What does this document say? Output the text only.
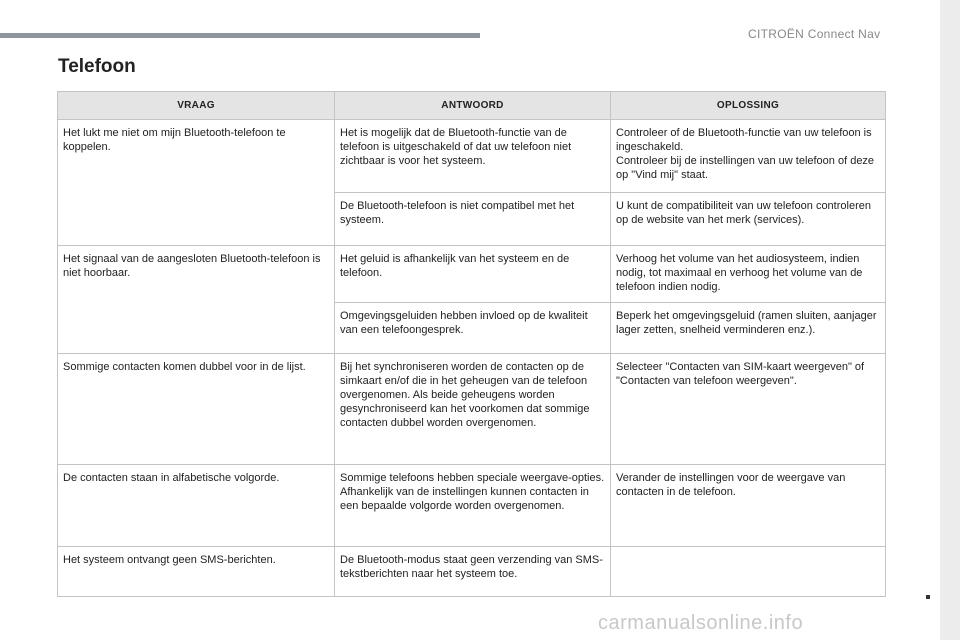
CITROËN Connect Nav
41
Telefoon
VRAAG	ANTWOORD	OPLOSSING
Het lukt me niet om mijn Bluetooth-telefoon te koppelen.	Het is mogelijk dat de Bluetooth-functie van de telefoon is uitgeschakeld of dat uw telefoon niet zichtbaar is voor het systeem.	Controleer of de Bluetooth-functie van uw telefoon is ingeschakeld.
Controleer bij de instellingen van uw telefoon of deze op "Vind mij" staat.
	De Bluetooth-telefoon is niet compatibel met het systeem.	U kunt de compatibiliteit van uw telefoon controleren op de website van het merk (services).
Het signaal van de aangesloten Bluetooth-telefoon is niet hoorbaar.	Het geluid is afhankelijk van het systeem en de telefoon.	Verhoog het volume van het audiosysteem, indien nodig, tot maximaal en verhoog het volume van de telefoon indien nodig.
	Omgevingsgeluiden hebben invloed op de kwaliteit van een telefoongesprek.	Beperk het omgevingsgeluid (ramen sluiten, aanjager lager zetten, snelheid verminderen enz.).
Sommige contacten komen dubbel voor in de lijst.	Bij het synchroniseren worden de contacten op de simkaart en/of die in het geheugen van de telefoon overgenomen. Als beide geheugens worden gesynchroniseerd kan het voorkomen dat sommige contacten dubbel worden overgenomen.	Selecteer "Contacten van SIM-kaart weergeven" of "Contacten van telefoon weergeven".
De contacten staan in alfabetische volgorde.	Sommige telefoons hebben speciale weergave-opties. Afhankelijk van de instellingen kunnen contacten in een bepaalde volgorde worden overgenomen.	Verander de instellingen voor de weergave van contacten in de telefoon.
Het systeem ontvangt geen SMS-berichten.	De Bluetooth-modus staat geen verzending van SMS-tekstberichten naar het systeem toe.	
carmanualsonline.info
